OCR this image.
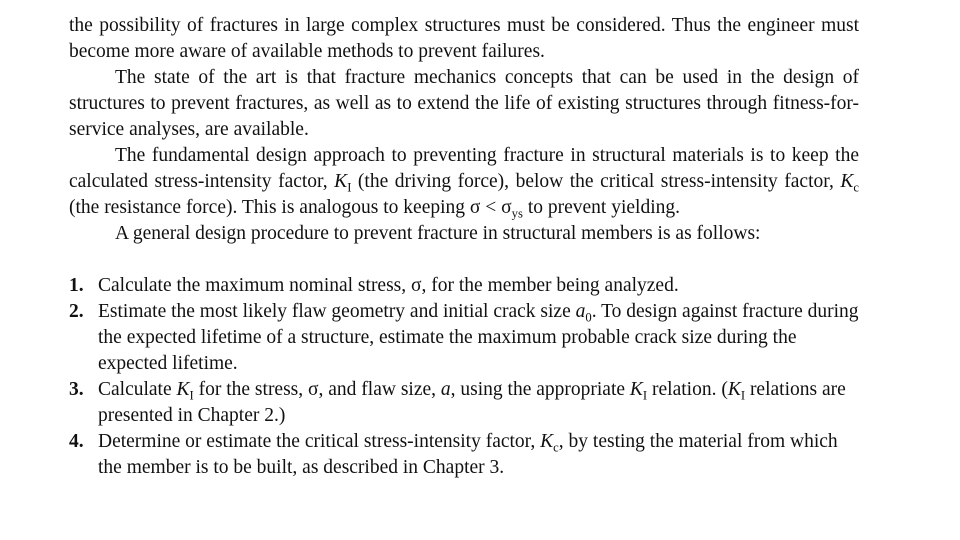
the possibility of fractures in large complex structures must be considered. Thus the engineer must become more aware of available methods to prevent failures.

The state of the art is that fracture mechanics concepts that can be used in the design of structures to prevent fractures, as well as to extend the life of existing structures through fitness-for-service analyses, are available.

The fundamental design approach to preventing fracture in structural materials is to keep the calculated stress-intensity factor, $K_I$ (the driving force), below the critical stress-intensity factor, $K_c$ (the resistance force). This is analogous to keeping $\sigma < \sigma_{ys}$ to prevent yielding.

A general design procedure to prevent fracture in structural members is as follows:

1. Calculate the maximum nominal stress, σ, for the member being analyzed.
2. Estimate the most likely flaw geometry and initial crack size $a_0$. To design against fracture during the expected lifetime of a structure, estimate the maximum probable crack size during the expected lifetime.
3. Calculate $K_I$ for the stress, σ, and flaw size, a, using the appropriate $K_I$ relation. ($K_I$ relations are presented in Chapter 2.)
4. Determine or estimate the critical stress-intensity factor, $K_c$, by testing the material from which the member is to be built, as described in Chapter 3.
